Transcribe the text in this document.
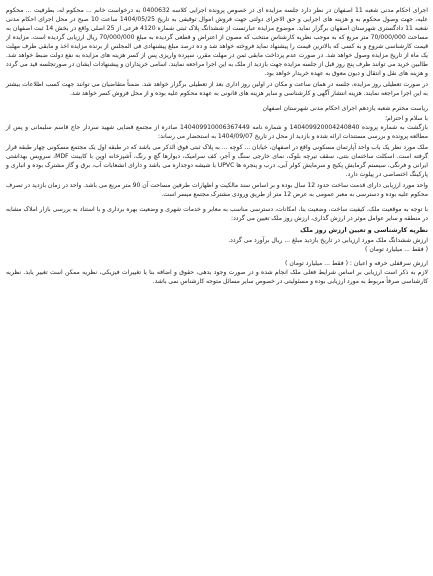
اجرای احکام مدنی شعبه 11 اصفهان در نظر دارد جلسه مزایده ای در خصوص پرونده اجرایی کلاسه 0400632 به درخواست خانم ... محکوم له، بطرفیت ... محکوم علیه، جهت وصول محکوم به و هزینه های اجرایی و حق الاجرای دولتی جهت فروش اموال توقیفی به تاریخ 1404/05/25 ساعت 10 صبح در محل اجرای احکام مدنی شعبه 11 دادگستری شهرستان اصفهان برگزار نماید. موضوع مزایده عبارتست از ششدانگ پلاک ثبتی شماره 4120 فرعی از 25 اصلی واقع در بخش 14 ثبت اصفهان به مساحت 70/000/000 متر مربع که به موجب نظریه کارشناس منتخب که مصون از اعتراض و قطعی گردیده به مبلغ 70/000/000 ریال ارزیابی گردیده است. مزایده از قیمت کارشناسی شروع و به کسی که بالاترین قیمت را پیشنهاد نماید فروخته خواهد شد و ده درصد مبلغ پیشنهادی فی المجلس از برنده مزایده اخذ و مابقی ظرف مهلت یک ماه از تاریخ مزایده وصول خواهد شد. در صورت عدم پرداخت مابقی ثمن در مهلت مقرر، سپرده واریزی پس از کسر هزینه های مزایده به نفع دولت ضبط خواهد شد. طالبین خرید می توانند ظرف پنج روز قبل از جلسه مزایده جهت بازدید از ملک به این اجرا مراجعه نمایند. اسامی خریداران و پیشنهادات ایشان در صورتجلسه قید می گردد و هزینه های نقل و انتقال و دیون معوق به عهده خریدار خواهد بود.

در صورت تعطیلی روز مزایده، جلسه در همان ساعت و مکان در اولین روز اداری بعد از تعطیلی برگزار خواهد شد. ضمناً متقاضیان می توانند جهت کسب اطلاعات بیشتر به این اجرا مراجعه نمایند. هزینه انتشار آگهی و کارشناسی و سایر هزینه های قانونی به عهده محکوم علیه بوده و از محل فروش کسر خواهد شد.

ریاست محترم شعبه یازدهم اجرای احکام مدنی شهرستان اصفهان

با سلام و احترام؛

بازگشت به شماره پرونده 140409920004240840 و شماره نامه 140409910006367449 صادره از مجتمع قضایی شهید سردار حاج قاسم سلیمانی و پس از مطالعه پرونده و بررسی مستندات ارائه شده و بازدید از محل در تاریخ 1404/09/07 به استحضار می رساند:

ملک مورد نظر یک باب واحد آپارتمان مسکونی واقع در اصفهان، خیابان ... کوچه ... به پلاک ثبتی فوق الذکر می باشد که در طبقه اول یک مجتمع مسکونی چهار طبقه قرار گرفته است. اسکلت ساختمان بتنی، سقف تیرچه بلوک، نمای خارجی سنگ و آجر، کف سرامیک، دیوارها گچ و رنگ، آشپزخانه اوپن با کابینت MDF، سرویس بهداشتی ایرانی و فرنگی، سیستم گرمایش پکیج و سرمایش کولر آبی، درب و پنجره ها UPVC با شیشه دوجداره می باشد و دارای انشعابات آب، برق و گاز مشترک بوده و انباری و پارکینگ اختصاصی در پیلوت دارد.

واحد مورد ارزیابی دارای قدمت ساخت حدود 12 سال بوده و بر اساس سند مالکیت و اظهارات طرفین مساحت آن 90 متر مربع می باشد. واحد در زمان بازدید در تصرف محکوم علیه بوده و دسترسی به معبر عمومی به عرض 12 متر از طریق ورودی مشترک مجتمع میسر است.

با توجه به موقعیت ملک، کیفیت ساخت، وضعیت بنا، امکانات، دسترسی مناسب به معابر و خدمات شهری و وضعیت بهره برداری و با استناد به بررسی بازار املاک مشابه در منطقه و سایر عوامل موثر در ارزش گذاری، ارزش روز ملک تعیین می گردد:

نظریه کارشناسی و تعیین ارزش روز ملک

ارزش ششدانگ ملک مورد ارزیابی در تاریخ بازدید مبلغ ... ریال برآورد می گردد.

( فقط ... میلیارد تومان )

ارزش سرقفلی حرفه و اعیان : ( فقط ... میلیارد تومان )

لازم به ذکر است ارزیابی بر اساس شرایط فعلی ملک انجام شده و در صورت وجود بدهی، حقوق و اضافه بنا یا تغییرات فیزیکی، نظریه ممکن است تغییر یابد. نظریه کارشناسی صرفاً مربوط به مورد ارزیابی بوده و مسئولیتی در خصوص سایر مسائل متوجه کارشناس نمی باشد.
